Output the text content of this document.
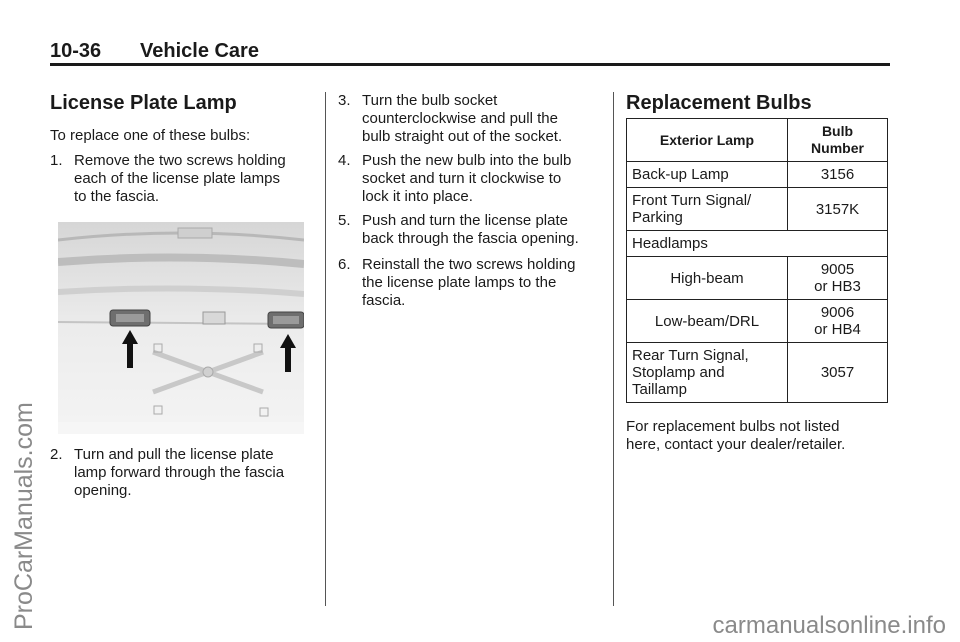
10-36 Vehicle Care
License Plate Lamp

To replace one of these bulbs:

1. Remove the two screws holding
each of the license plate lamps
to the fascia.
2. Turn and pull the license plate
lamp forward through the fascia
opening.
3. Turn the bulb socket
counterclockwise and pull the
bulb straight out of the socket.
4. Push the new bulb into the bulb
socket and turn it clockwise to
lock it into place.
5. Push and turn the license plate
back through the fascia opening.
6. Reinstall the two screws holding
the license plate lamps to the
fascia.
Replacement Bulbs
Exterior Lamp	Bulb
Number

Back-up Lamp	3156

Front Turn Signal/
Parking	3157K
Headlamps	
High-beam	9005
or HB3

Low-beam/DRL	9006
or HB4

Rear Turn Signal,
Stoplamp and
Taillamp	3057
For replacement bulbs not listed
here, contact your dealer/retailer.
ProCarManuals.com	carmanualsonline.info
